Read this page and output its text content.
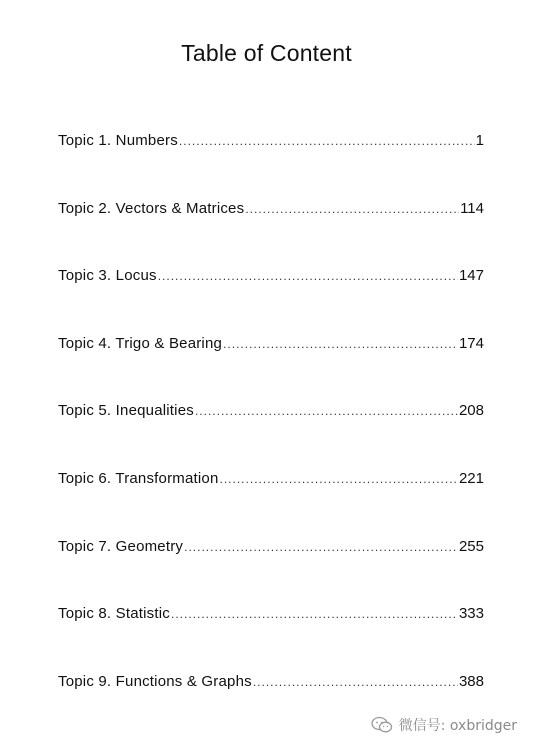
Table of Content
Topic 1. Numbers .....	1
Topic 2. Vectors & Matrices .....	114
Topic 3. Locus .....	147
Topic 4. Trigo & Bearing .....	174
Topic 5. Inequalities .....	208
Topic 6. Transformation .....	221
Topic 7. Geometry .....	255
Topic 8. Statistic .....	333
Topic 9. Functions & Graphs .....	388
微信号: oxbridger
